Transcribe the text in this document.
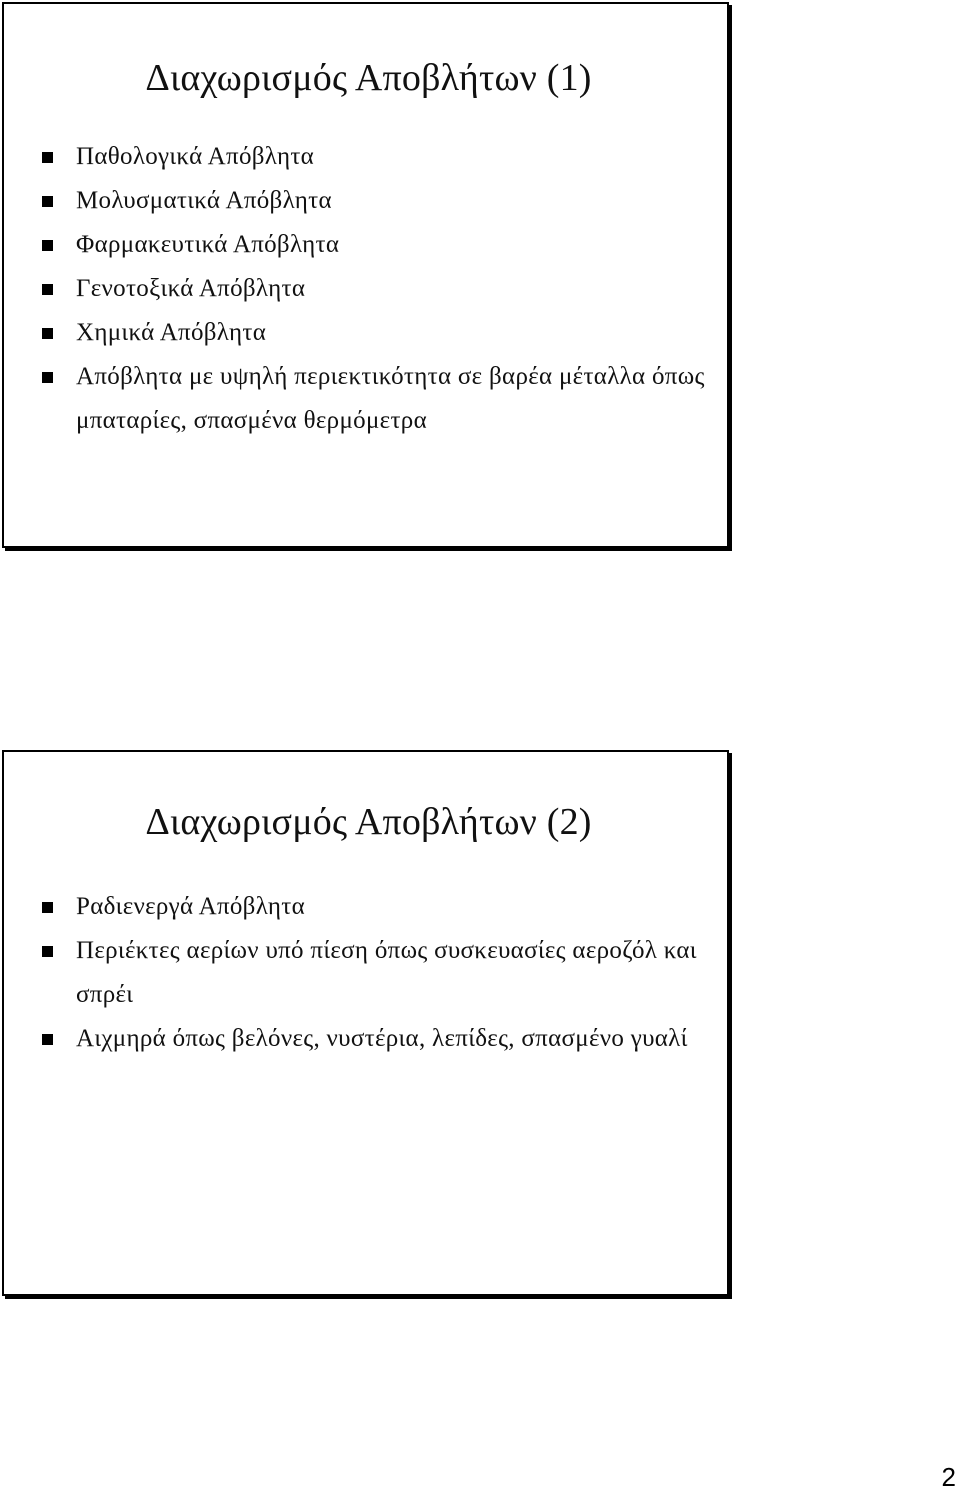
Διαχωρισμός Αποβλήτων (1)
Παθολογικά Απόβλητα
Μολυσματικά Απόβλητα
Φαρμακευτικά Απόβλητα
Γενοτοξικά Απόβλητα
Χημικά Απόβλητα
Απόβλητα με υψηλή περιεκτικότητα σε βαρέα μέταλλα όπως μπαταρίες, σπασμένα θερμόμετρα
Διαχωρισμός Αποβλήτων (2)
Ραδιενεργά Απόβλητα
Περιέκτες αερίων υπό πίεση όπως συσκευασίες αεροζόλ και σπρέι
Αιχμηρά όπως βελόνες, νυστέρια, λεπίδες, σπασμένο γυαλί
2
